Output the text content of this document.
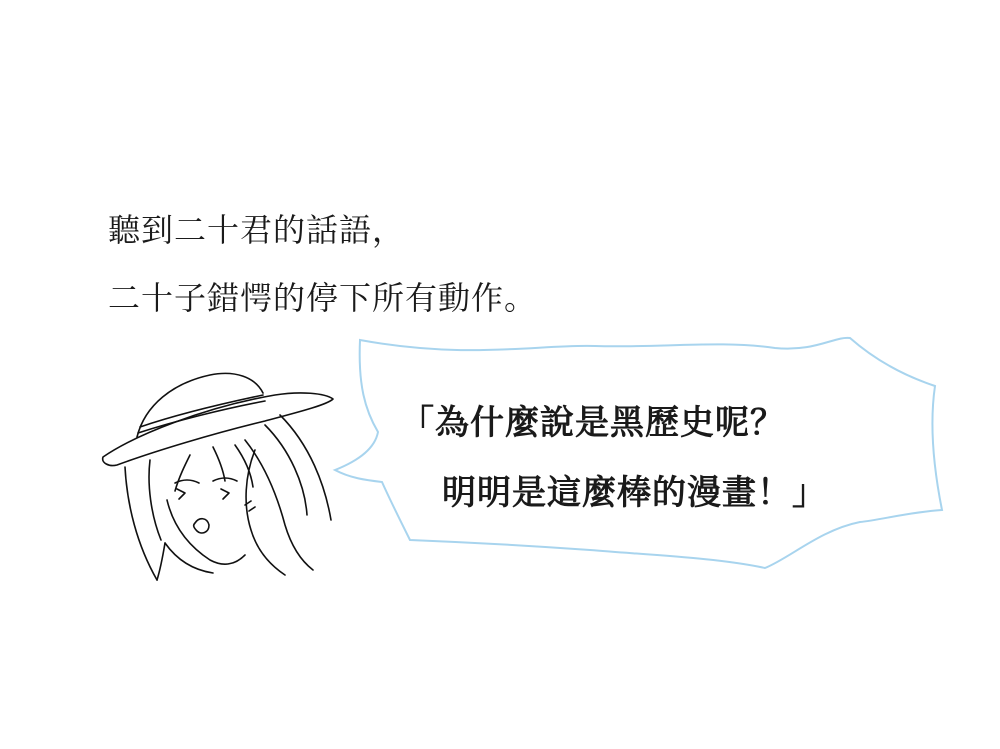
聽到二十君的話語，
二十子錯愕的停下所有動作。
「為什麼說是黑歷史呢？
明明是這麼棒的漫畫！」
